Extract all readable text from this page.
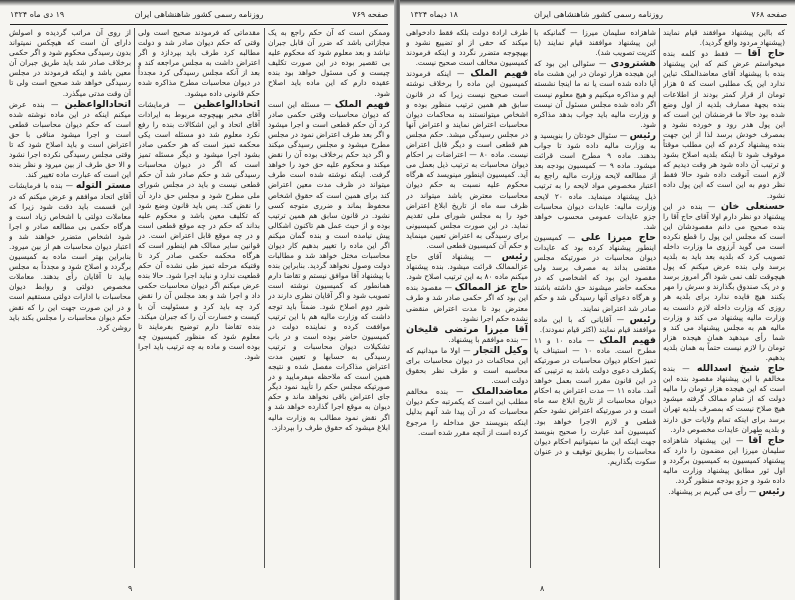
صفحه ۷۶۹
روزنامه رسمی کشور شاهنشاهی ایران
۱۹ دی ماه ۱۳۲۴

وممکن است که آن حکم راجع به یک مجازاتی باشد که ضرر آن قابل جبران نباشد و بعد معلوم شود که محکوم علیه بی تقصیر بوده در این صورت تکلیف چیست و کی مسئول خواهد بود بنده عقیده دارم که این ماده باید اصلاح شود.

فهیم الملک — مسئله این است که دیوان محاسبات وقتی حکمی صادر کرد آن حکم قطعی است و اجرا میشود و اگر بعد طرف اعتراض نمود در مجلس مطرح میشود و مجلس رسیدگی میکند و اگر دید حکم برخلاف بوده آن را نقض میکند و محکوم علیه حق خود را خواهد گرفت. اینکه نوشته شده است طرف میتواند در ظرف مدت معین اعتراض کند برای همین است که حقوق اشخاص محفوظ بماند و ضرری متوجه کسی نشود. در قانون سابق هم همین ترتیب بوده و از حیث عمل هم تاکنون اشکالی پیش نیامده است و بنده گمان میکنم اگر این ماده را تغییر بدهیم کار دیوان محاسبات مختل خواهد شد و مطالبات دولت وصول نخواهد گردید. بنابراین بنده با پیشنهاد آقا موافق نیستم و تقاضا دارم همانطور که کمیسیون نوشته است تصویب شود و اگر آقایان نظری دارند در شور دوم اصلاح شود. ضمناً باید توجه داشت که وزارت مالیه هم با این ترتیب موافقت کرده و نماینده دولت در کمیسیون حاضر بوده است و در باب تشکیلات دیوان محاسبات و ترتیب رسیدگی به حسابها و تعیین مدت اعتراض مذاکرات مفصل شده و نتیجه همین است که ملاحظه میفرمایید و در صورتیکه مجلس حکم را تأیید نمود دیگر جای اعتراض باقی نخواهد ماند و حکم دیوان به موقع اجرا گذارده خواهد شد و اگر نقض نمود مطالب به وزارت مالیه ابلاغ میشود که حقوق طرف را بپردازد.

مقدماتی که فرمودند صحیح است ولی وقتی که حکم دیوان صادر شد و دولت مطالبه کرد طرف باید بپردازد و اگر اعتراض داشت به مجلس مراجعه کند و بعد از آنکه مجلس رسیدگی کرد مجدداً در دیوان محاسبات مطرح مذاکره شده حکم قانونی داده میشود.

اتحادالواعظین — فرمایشات آقای مخبر بهیچوجه مربوط به ایرادات آقای اتحاد و این اشکالات بنده را رفع نکرد معلوم شد دو مسئله است یکی محکمه تمیز است که هر حکمی صادر بشود اجرا میشود و دیگر مسئله تمیز است که اگر در دیوان محاسبات رسیدگی شد و حکم صادر شد آن حکم قطعی نیست و باید در مجلس شورای ملی مطرح شود و مجلس حق دارد آن را نقض کند. پس باید قانون وضع شود که تکلیف معین باشد و محکوم علیه بداند که حکم در چه موقع قطعی است و در چه موقع قابل اعتراض است. در قوانین سایر ممالک هم اینطور است که هرگاه محکمه حکمی صادر کرد تا وقتیکه مرحله تمیز طی نشده آن حکم قطعیت ندارد و نباید اجرا شود. حالا بنده عرض میکنم اگر دیوان محاسبات حکمی داد و اجرا شد و بعد مجلس آن را نقض کرد چه باید کرد و مسئولیت آن با کیست و خسارت آن را که جبران میکند. بنده تقاضا دارم توضیح بفرمایند تا معلوم شود که منظور کمیسیون چه بوده است و ماده به چه ترتیب باید اجرا شود.

از روی آن مراتب گردیده و اصولش دارای آن است که هیچکس نمیتواند بدون رسیدگی محکوم شود و اگر حکمی برخلاف صادر شد باید طریق جبران آن معین باشد و اینکه فرمودند در مجلس رسیدگی خواهد شد صحیح است ولی تا آن وقت مدتی میگذرد.

اتحادالواعظین — بنده عرض میکنم اینکه در این ماده نوشته شده است که حکم دیوان محاسبات قطعی است و اجرا میشود منافی با حق اعتراض است و باید اصلاح شود که تا وقتی مجلس رسیدگی نکرده اجرا نشود و الا حق طرف از بین میرود و نظر بنده این است که عبارت ماده تغییر کند.

مستر التوله — بنده با فرمایشات آقای اتحاد موافقم و عرض میکنم که در این قسمت باید دقت شود زیرا که معاملات دولتی با اشخاص زیاد است و هرگاه حکمی بی مطالعه صادر و اجرا شود اشخاص متضرر خواهند شد و اعتبار دیوان محاسبات هم از بین میرود. بنابراین بهتر است ماده به کمیسیون برگردد و اصلاح شود و مجدداً به مجلس بیاید تا آقایان رأی بدهند. معاملات مخصوص دولتی و روابط دیوان محاسبات با ادارات دولتی مستقیم است و در این صورت جهت این را که نقض حکم دیوان محاسبات را مجلس بکند باید روشن کرد.

۹
صفحه ۷۶۸
روزنامه رسمی کشور شاهنشاهی ایران
۱۸ دیماه ۱۳۲۴

که بااین پیشنهاد موافقند قیام نمایند (پیشنهاد مردود واقع گردید).

حاج آقا — فقط دو کلمه بنده میخواستم عرض کنم که این پیشنهاد بنده با پیشنهاد آقای معاضدالملک تباین ندارد این یک مطلبی است که ۵ هزار تومان از قرار کمتر بودند از اطلاعات بنده بجهة مصارف بلدیه از اول وضع شده بود حالا ما فرضشان این است که این پول هدر رود و خورده نشود و بمصرف خودش برسد لذا از این جهت بنده پیشنهاد کردم که این مطلب موقتاً موقوف شود تا اینکه بلدیه اصلاح بشود و ترتیب آن داده شود هر وقت دیدیم که لازم است آنوقت داده شود حالا فقط نظر دوم به این است که این پول داده نشود.

حسنعلی خان — بنده در این پیشنهاد دو نظر دارم اولا آقای حاج آقا را بنده صحیح می دانم مقصودشان این است که مجلس این پول را قطع نکرده است می گوید آرزوی ما وزارت داخله تصویب کرد که بلدیه بعد باید به بلدیه برسد ولی بنده عرض میکنم که پول هیچوقت تلف نمی شود اگر امروز برسد و در یک صندوق بگذارند و سرش را مهر بکنند هیچ فایده ندارد برای بلدیه هر روزی که وزارت داخله لازم دانست به وزارت مالیه پیشنهاد می کند و وزارت مالیه هم به مجلس پیشنهاد می کند و شما رأی میدهید همان هیجده هزار تومان را لازم نیست حتماً به همان بلدیه بدهیم.

حاج شیخ اسدالله — بنده مخالفم با این پیشنهاد مقصود بنده این است که این هیجده هزار تومان را مالیه دولت که از تمام ممالک گرفته میشود هیچ صلاح نیست که بمصرف بلدیه تهران برسد برای اینکه تمام ولایات حق دارند و بلدیه طهران عایدات مخصوص دارد.

حاج آقا — این پیشنهاد شاهزاده سلیمان میرزا این مضمون را دارد که پیشنهاد کمیسیون به کمیسیون برگردد و اول ثور مطابق پیشنهاد وزارت مالیه داده شود و جزو بودجه منظور گردد.

رئیس — رأی می گیریم بر پیشنهاد.

شاهزاده سلیمان میرزا — گمانیکه با این پیشنهاد موافقند قیام نمایند (با کثریت تصویب شد).

هشترودی — سئوالی این بود که این هیجده هزار تومان در این هشت ماه آیا داده شده است یا نه ما اینجا نشسته ایم و مذاکره میکنیم و هیچ معلوم نیست اگر داده شده مجلس مسئول آن نیست و وزارت مالیه باید جواب بدهد مذاکره شود.

رئیس — سئوال خودتان را بنویسید و به وزارت مالیه داده شود تا جواب بدهند. ماده ۹ مطرح است قرائت میشود. ماده ۹ — کمیسیون بودجه بعد از مطالعه لایحه وزارت مالیه راجع به اعتبار مخصوص مواد لایحه را به ترتیب ذیل پیشنهاد مینماید. ماده ۲۰ لایحه وزارت مالیه: عایدات دیوان محاسبات جزو عایدات عمومی محسوب خواهد شد.

حاج میرزا علی — کمیسیون اینطور پیشنهاد کرده بود که عایدات دیوان محاسبات در صورتیکه مجلس مقتضی بداند به مصرف برسد ولی مقصود این بود که اشخاصی که در محکمه حاضر میشوند حق داشته باشند و هرگاه دعوای آنها رسیدگی شد و حکم صادر شد اعتراض نمایند.

رئیس — آقایانی که با این ماده موافقند قیام نمایند (اکثر قیام نمودند).

فهیم الملک — ماده ۱۰ و ۱۱ مطرح است. ماده ۱۰ — استیناف یا تمیز احکام دیوان محاسبات در صورتیکه یکطرف دعوی دولت باشد به ترتیبی که در این قانون مقرر است بعمل خواهد آمد. ماده ۱۱ — مدت اعتراض به احکام دیوان محاسبات از تاریخ ابلاغ سه ماه است و در صورتیکه اعتراض نشود حکم قطعی و لازم الاجرا خواهد بود. کمیسیون آمد عبارت را صحیح بنویسد جهت اینکه این ما نمیتوانیم احکام دیوان محاسبات را بطریق توقیف و در عنوان سکوت بگذاریم.

طرف ارادة دولت بلکه فقط دادخواهی میکند که حقی از او تضییع نشود و بهیچوجه متضرر نگردد و اینکه فرمودند کمیسیون مخالف است صحیح نیست.

فهیم الملک — اینکه فرمودند کمیسیون این ماده را برخلاف نوشته است صحیح نیست زیرا که در قانون سابق هم همین ترتیب منظور بوده و اشخاص میتوانستند به محاکمات دیوان محاسبات اعتراض نمایند و اعتراض آنها در مجلس رسیدگی میشد. حکم مجلس هم قطعی است و دیگر قابل اعتراض نیست. ماده ۸۰ — اعتراضات بر احکام دیوان محاسبات به ترتیب ذیل بعمل می آید. کمیسیون اینطور مینویسد که هرگاه محکوم علیه نسبت به حکم دیوان محاسبات معترض باشد میتواند در ظرف سه ماه از تاریخ ابلاغ اعتراض خود را به مجلس شورای ملی تقدیم نماید. در این صورت مجلس کمیسیونی برای رسیدگی به اعتراض تعیین مینماید و حکم آن کمیسیون قطعی است.

رئیس — پیشنهاد آقای حاج عزالممالک قرائت میشود. بنده پیشنهاد میکنم ماده ۸۰ به این ترتیب اصلاح شود.

حاج عز الممالک — مقصود بنده این بود که اگر حکمی صادر شد و طرف معترض بود تا مدت اعتراض منقضی نشده حکم اجرا نشود.

آقا میرزا مرتضی قلیخان — بنده موافقم با پیشنهاد.

وکیل التجار — اولا ما میدانیم که این محاکمات در دیوان محاسبات برای محاسبه است و طرف نظر بحقوق دولت است.

معاضدالملک — بنده مخالفم مطلب این است که یکمرتبه حکم دیوان محاسبات که در آن پیدا شد آنهم بدلیل اینکه بنویسند حق مداخله را مرجوع کرده است از آنچه مقرر شده است.

۸
